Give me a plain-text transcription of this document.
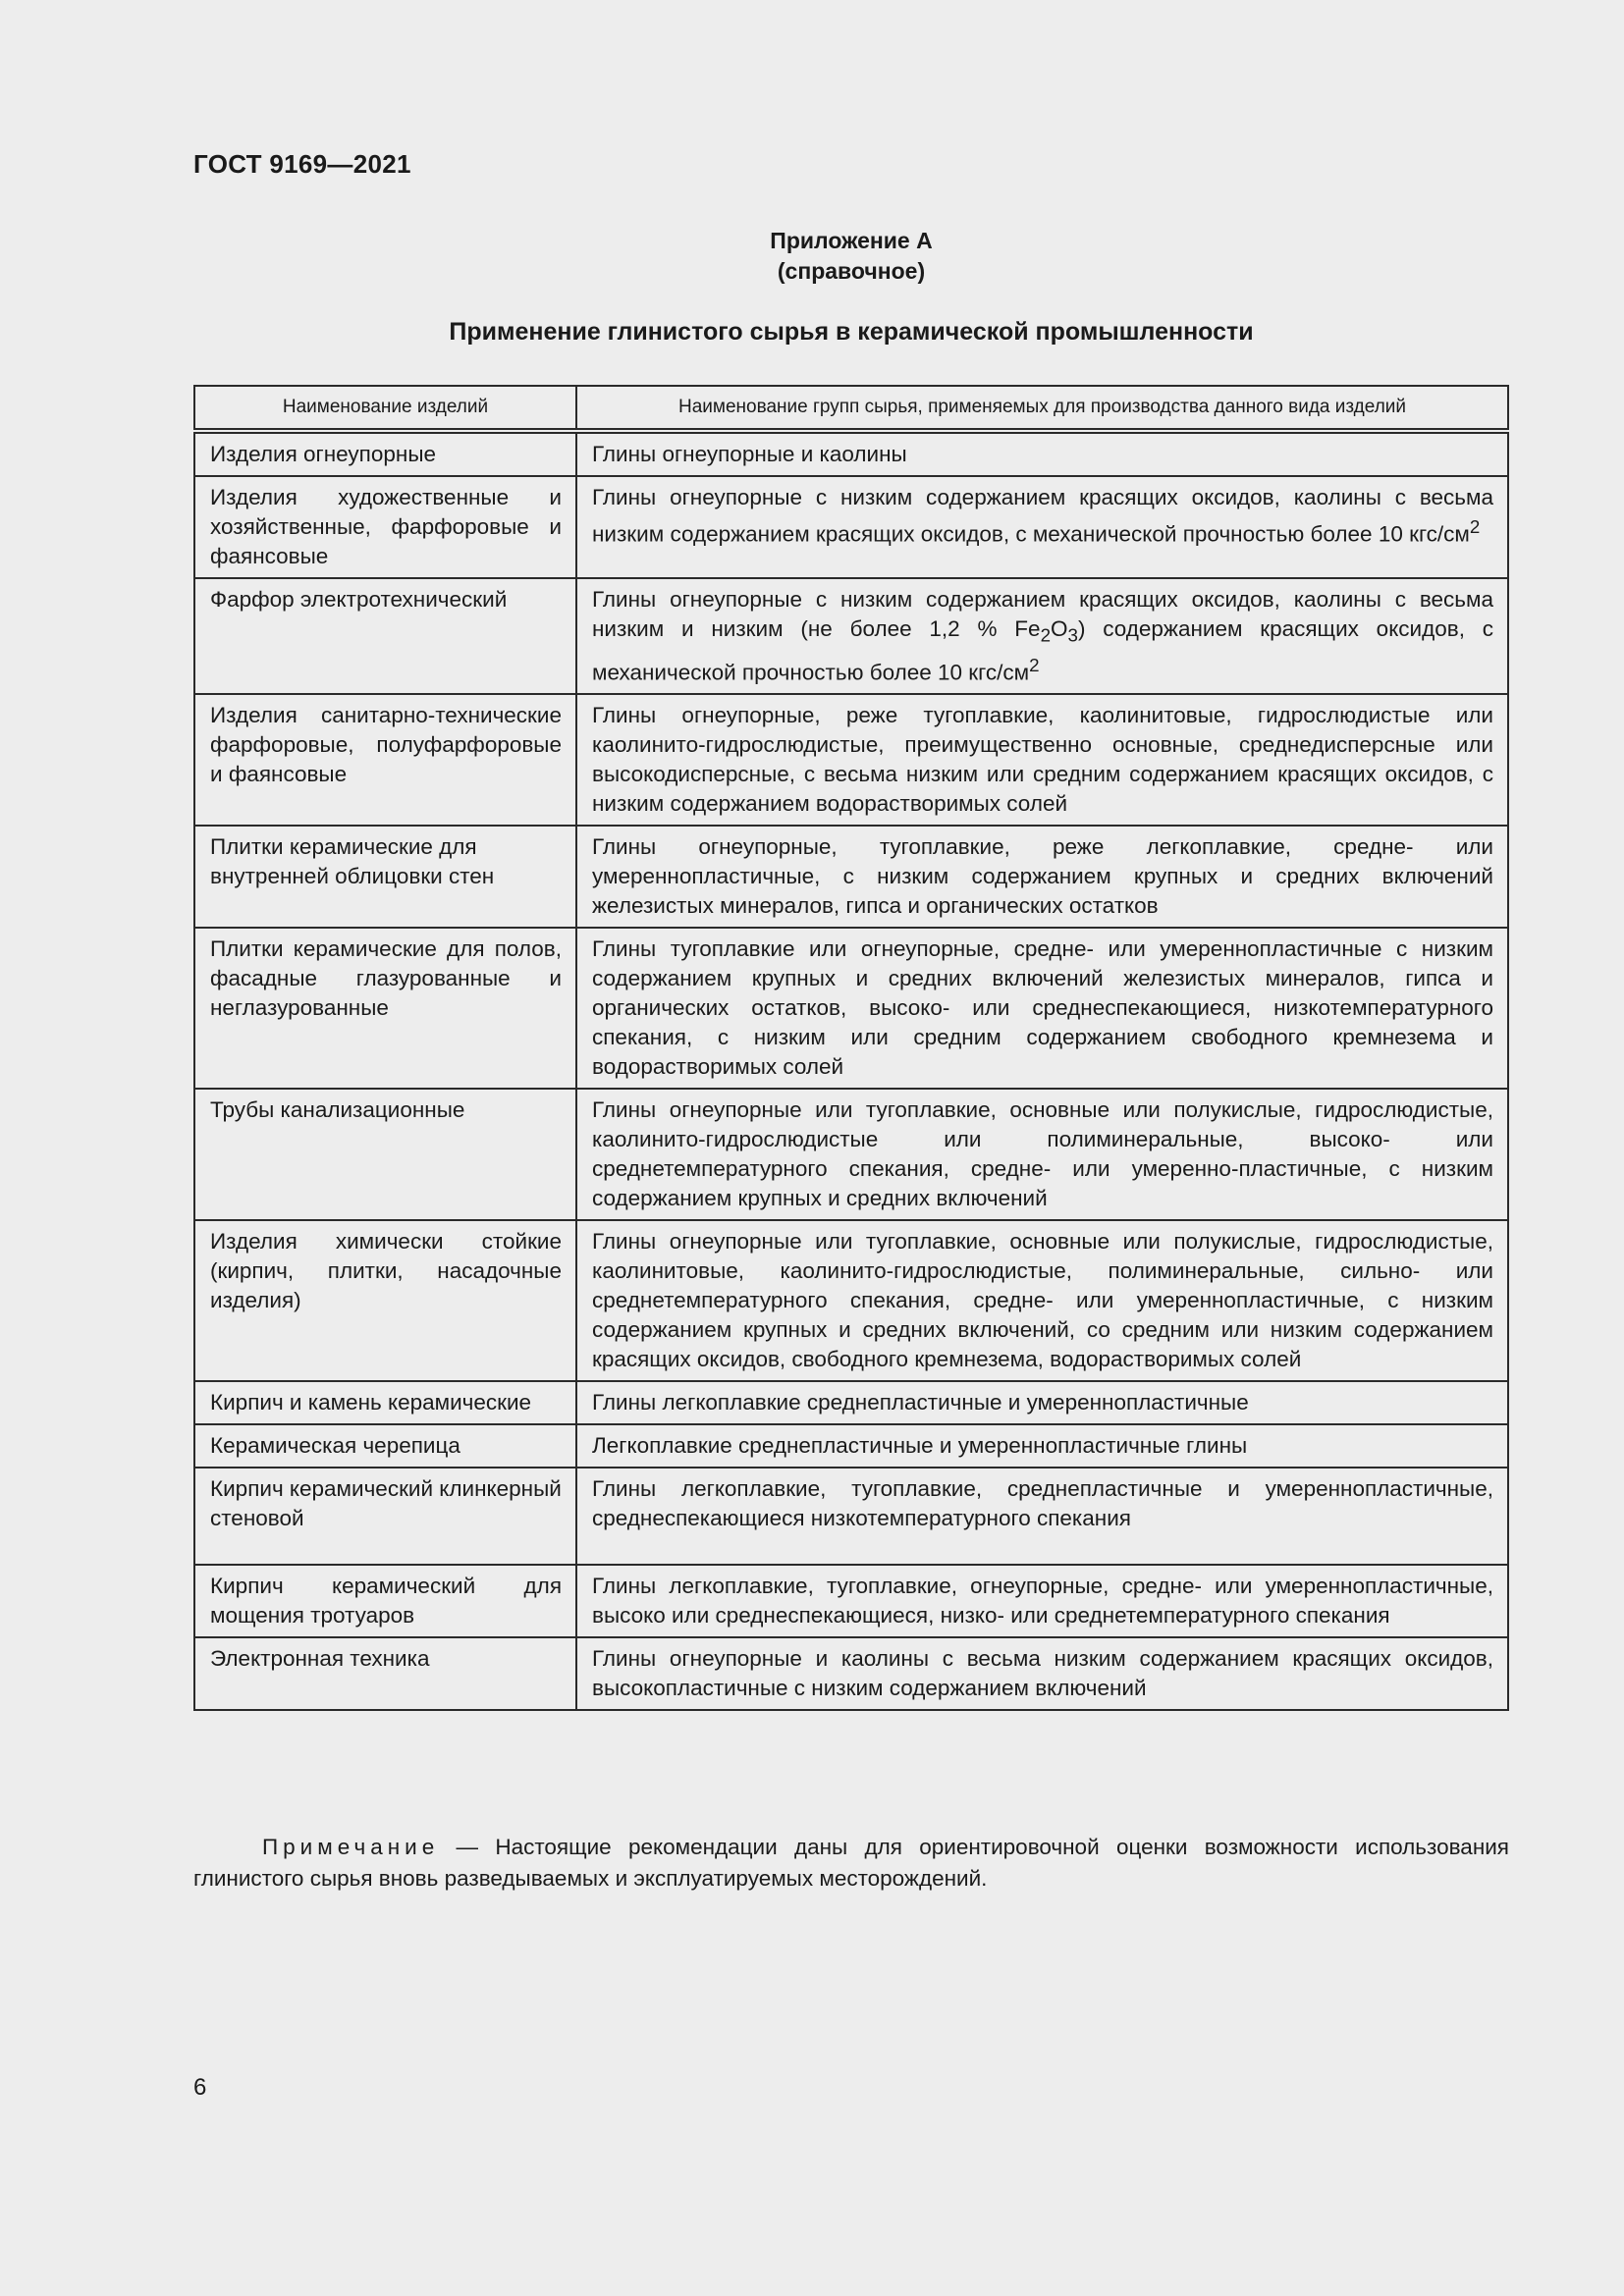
ГОСТ 9169—2021
Приложение А
(справочное)
Применение глинистого сырья в керамической промышленности
Наименование изделий	Наименование групп сырья, применяемых для производства данного вида изделий
Изделия огнеупорные	Глины огнеупорные и каолины
Изделия художественные и хозяйственные, фарфоровые и фаянсовые	Глины огнеупорные с низким содержанием красящих оксидов, каолины с весьма низким содержанием красящих оксидов, с механической прочностью более 10 кгс/$см^2$
Фарфор электротехнический	Глины огнеупорные с низким содержанием красящих оксидов, каолины с весьма низким и низким (не более 1,2 % $Fe_2O_3$) содержанием красящих оксидов, с механической прочностью более 10 кгс/$см^2$
Изделия санитарно-технические фарфоровые, полуфарфоровые и фаянсовые	Глины огнеупорные, реже тугоплавкие, каолинитовые, гидрослюдистые или каолинито-гидрослюдистые, преимущественно основные, среднедисперсные или высокодисперсные, с весьма низким или средним содержанием красящих оксидов, с низким содержанием водорастворимых солей
Плитки керамические для внутренней облицовки стен	Глины огнеупорные, тугоплавкие, реже легкоплавкие, средне- или умереннопластичные, с низким содержанием крупных и средних включений железистых минералов, гипса и органических остатков
Плитки керамические для полов, фасадные глазурованные и неглазурованные	Глины тугоплавкие или огнеупорные, средне- или умереннопластичные с низким содержанием крупных и средних включений железистых минералов, гипса и органических остатков, высоко- или среднеспекающиеся, низкотемпературного спекания, с низким или средним содержанием свободного кремнезема и водорастворимых солей
Трубы канализационные	Глины огнеупорные или тугоплавкие, основные или полукислые, гидрослюдистые, каолинито-гидрослюдистые или полиминеральные, высоко- или среднетемпературного спекания, средне- или умеренно-пластичные, с низким содержанием крупных и средних включений
Изделия химически стойкие (кирпич, плитки, насадочные изделия)	Глины огнеупорные или тугоплавкие, основные или полукислые, гидрослюдистые, каолинитовые, каолинито-гидрослюдистые, полиминеральные, сильно- или среднетемпературного спекания, средне- или умереннопластичные, с низким содержанием крупных и средних включений, со средним или низким содержанием красящих оксидов, свободного кремнезема, водорастворимых солей
Кирпич и камень керамические	Глины легкоплавкие среднепластичные и умереннопластичные
Керамическая черепица	Легкоплавкие среднепластичные и умереннопластичные глины
Кирпич керамический клинкерный стеновой	Глины легкоплавкие, тугоплавкие, среднепластичные и умереннопластичные, среднеспекающиеся низкотемпературного спекания
Кирпич керамический для мощения тротуаров	Глины легкоплавкие, тугоплавкие, огнеупорные, средне- или умереннопластичные, высоко или среднеспекающиеся, низко- или среднетемпературного спекания
Электронная техника	Глины огнеупорные и каолины с весьма низким содержанием красящих оксидов, высокопластичные с низким содержанием включений
Примечание — Настоящие рекомендации даны для ориентировочной оценки возможности использования глинистого сырья вновь разведываемых и эксплуатируемых месторождений.
6
